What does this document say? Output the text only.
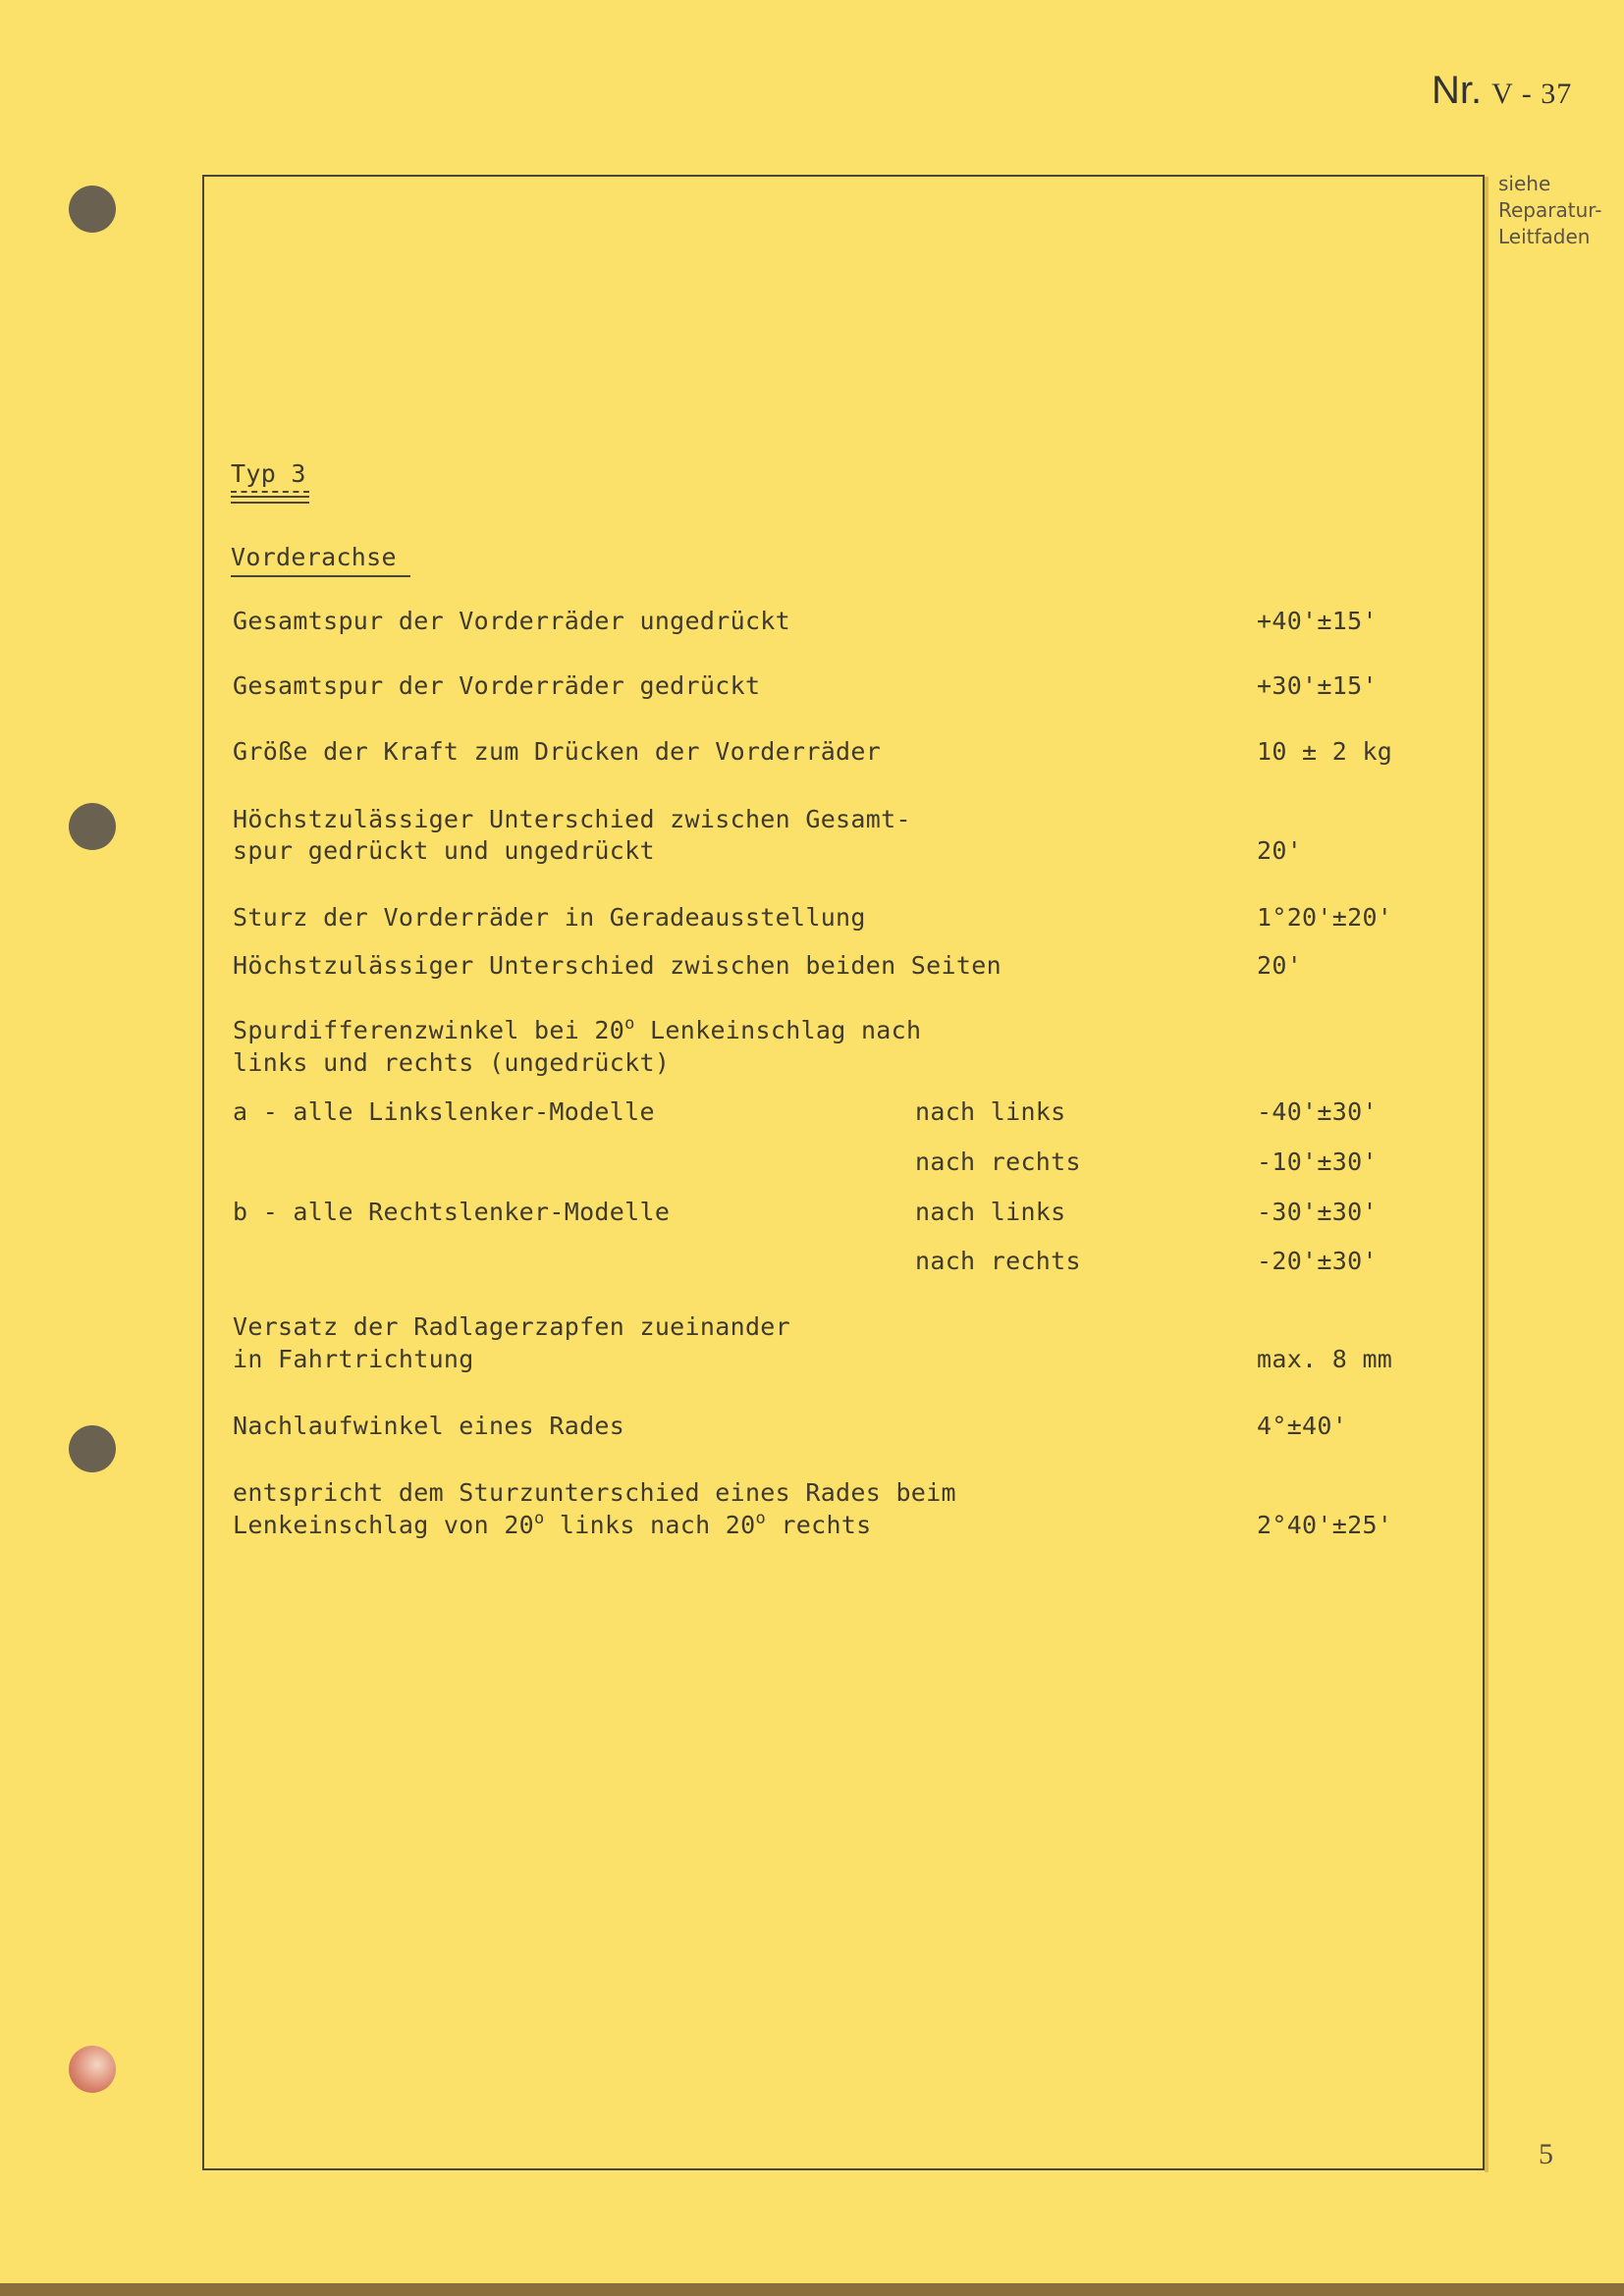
Nr. V - 37
siehe
Reparatur-
Leitfaden
Typ 3
Vorderachse
Gesamtspur der Vorderräder ungedrückt	+40'±15'
Gesamtspur der Vorderräder gedrückt	+30'±15'
Größe der Kraft zum Drücken der Vorderräder	10 ± 2 kg
Höchstzulässiger Unterschied zwischen Gesamt-
spur gedrückt und ungedrückt	20'
Sturz der Vorderräder in Geradeausstellung	1°20'±20'
Höchstzulässiger Unterschied zwischen beiden Seiten	20'
Spurdifferenzwinkel bei 20$^o$ Lenkeinschlag nach
links und rechts (ungedrückt)
a - alle Linkslenker-Modelle	nach links	-40'±30'
nach rechts	-10'±30'
b - alle Rechtslenker-Modelle	nach links	-30'±30'
nach rechts	-20'±30'
Versatz der Radlagerzapfen zueinander
in Fahrtrichtung	max. 8 mm
Nachlaufwinkel eines Rades	4°±40'
entspricht dem Sturzunterschied eines Rades beim
Lenkeinschlag von 20$^o$ links nach 20$^o$ rechts	2°40'±25'
5
